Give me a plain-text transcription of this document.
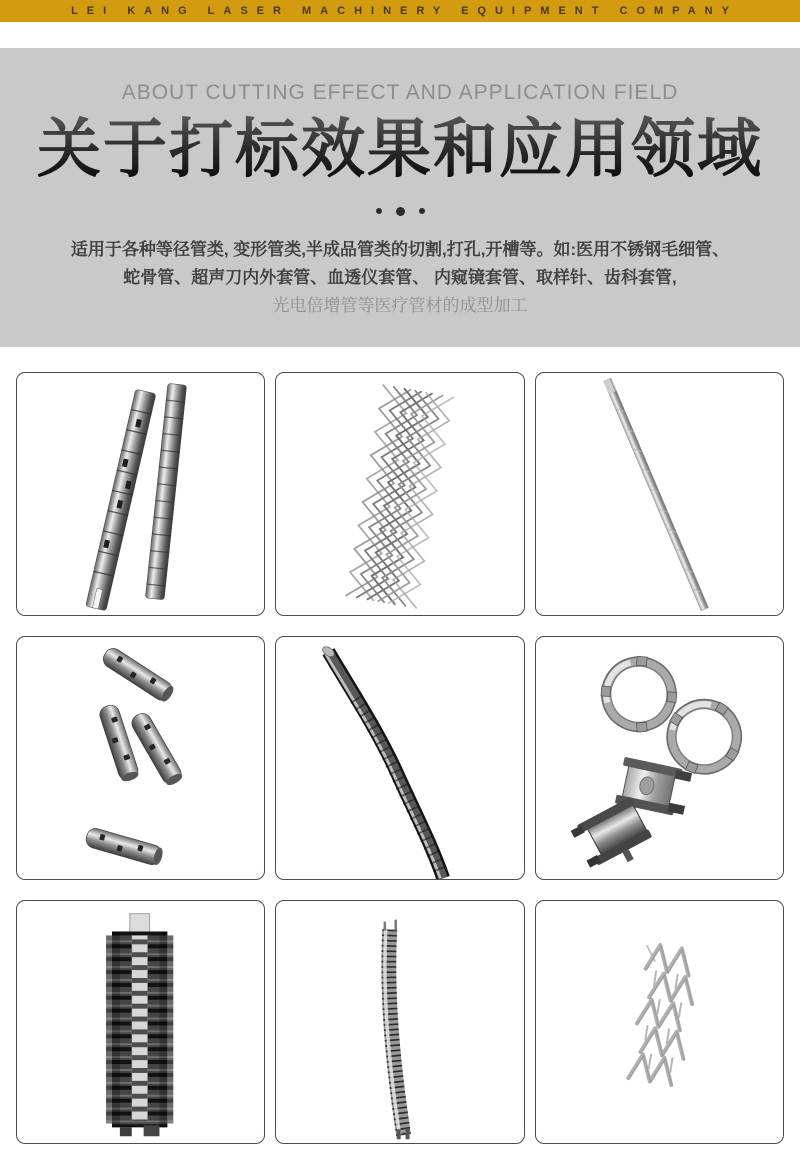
LEI KANG LASER MACHINERY EQUIPMENT COMPANY

ABOUT CUTTING EFFECT AND APPLICATION FIELD

关于打标效果和应用领域
适用于各种等径管类, 变形管类,半成品管类的切割,打孔,开槽等。如:医用不锈钢毛细管、
蛇骨管、超声刀内外套管、血透仪套管、 内窥镜套管、取样针、齿科套管,
光电倍增管等医疗管材的成型加工
